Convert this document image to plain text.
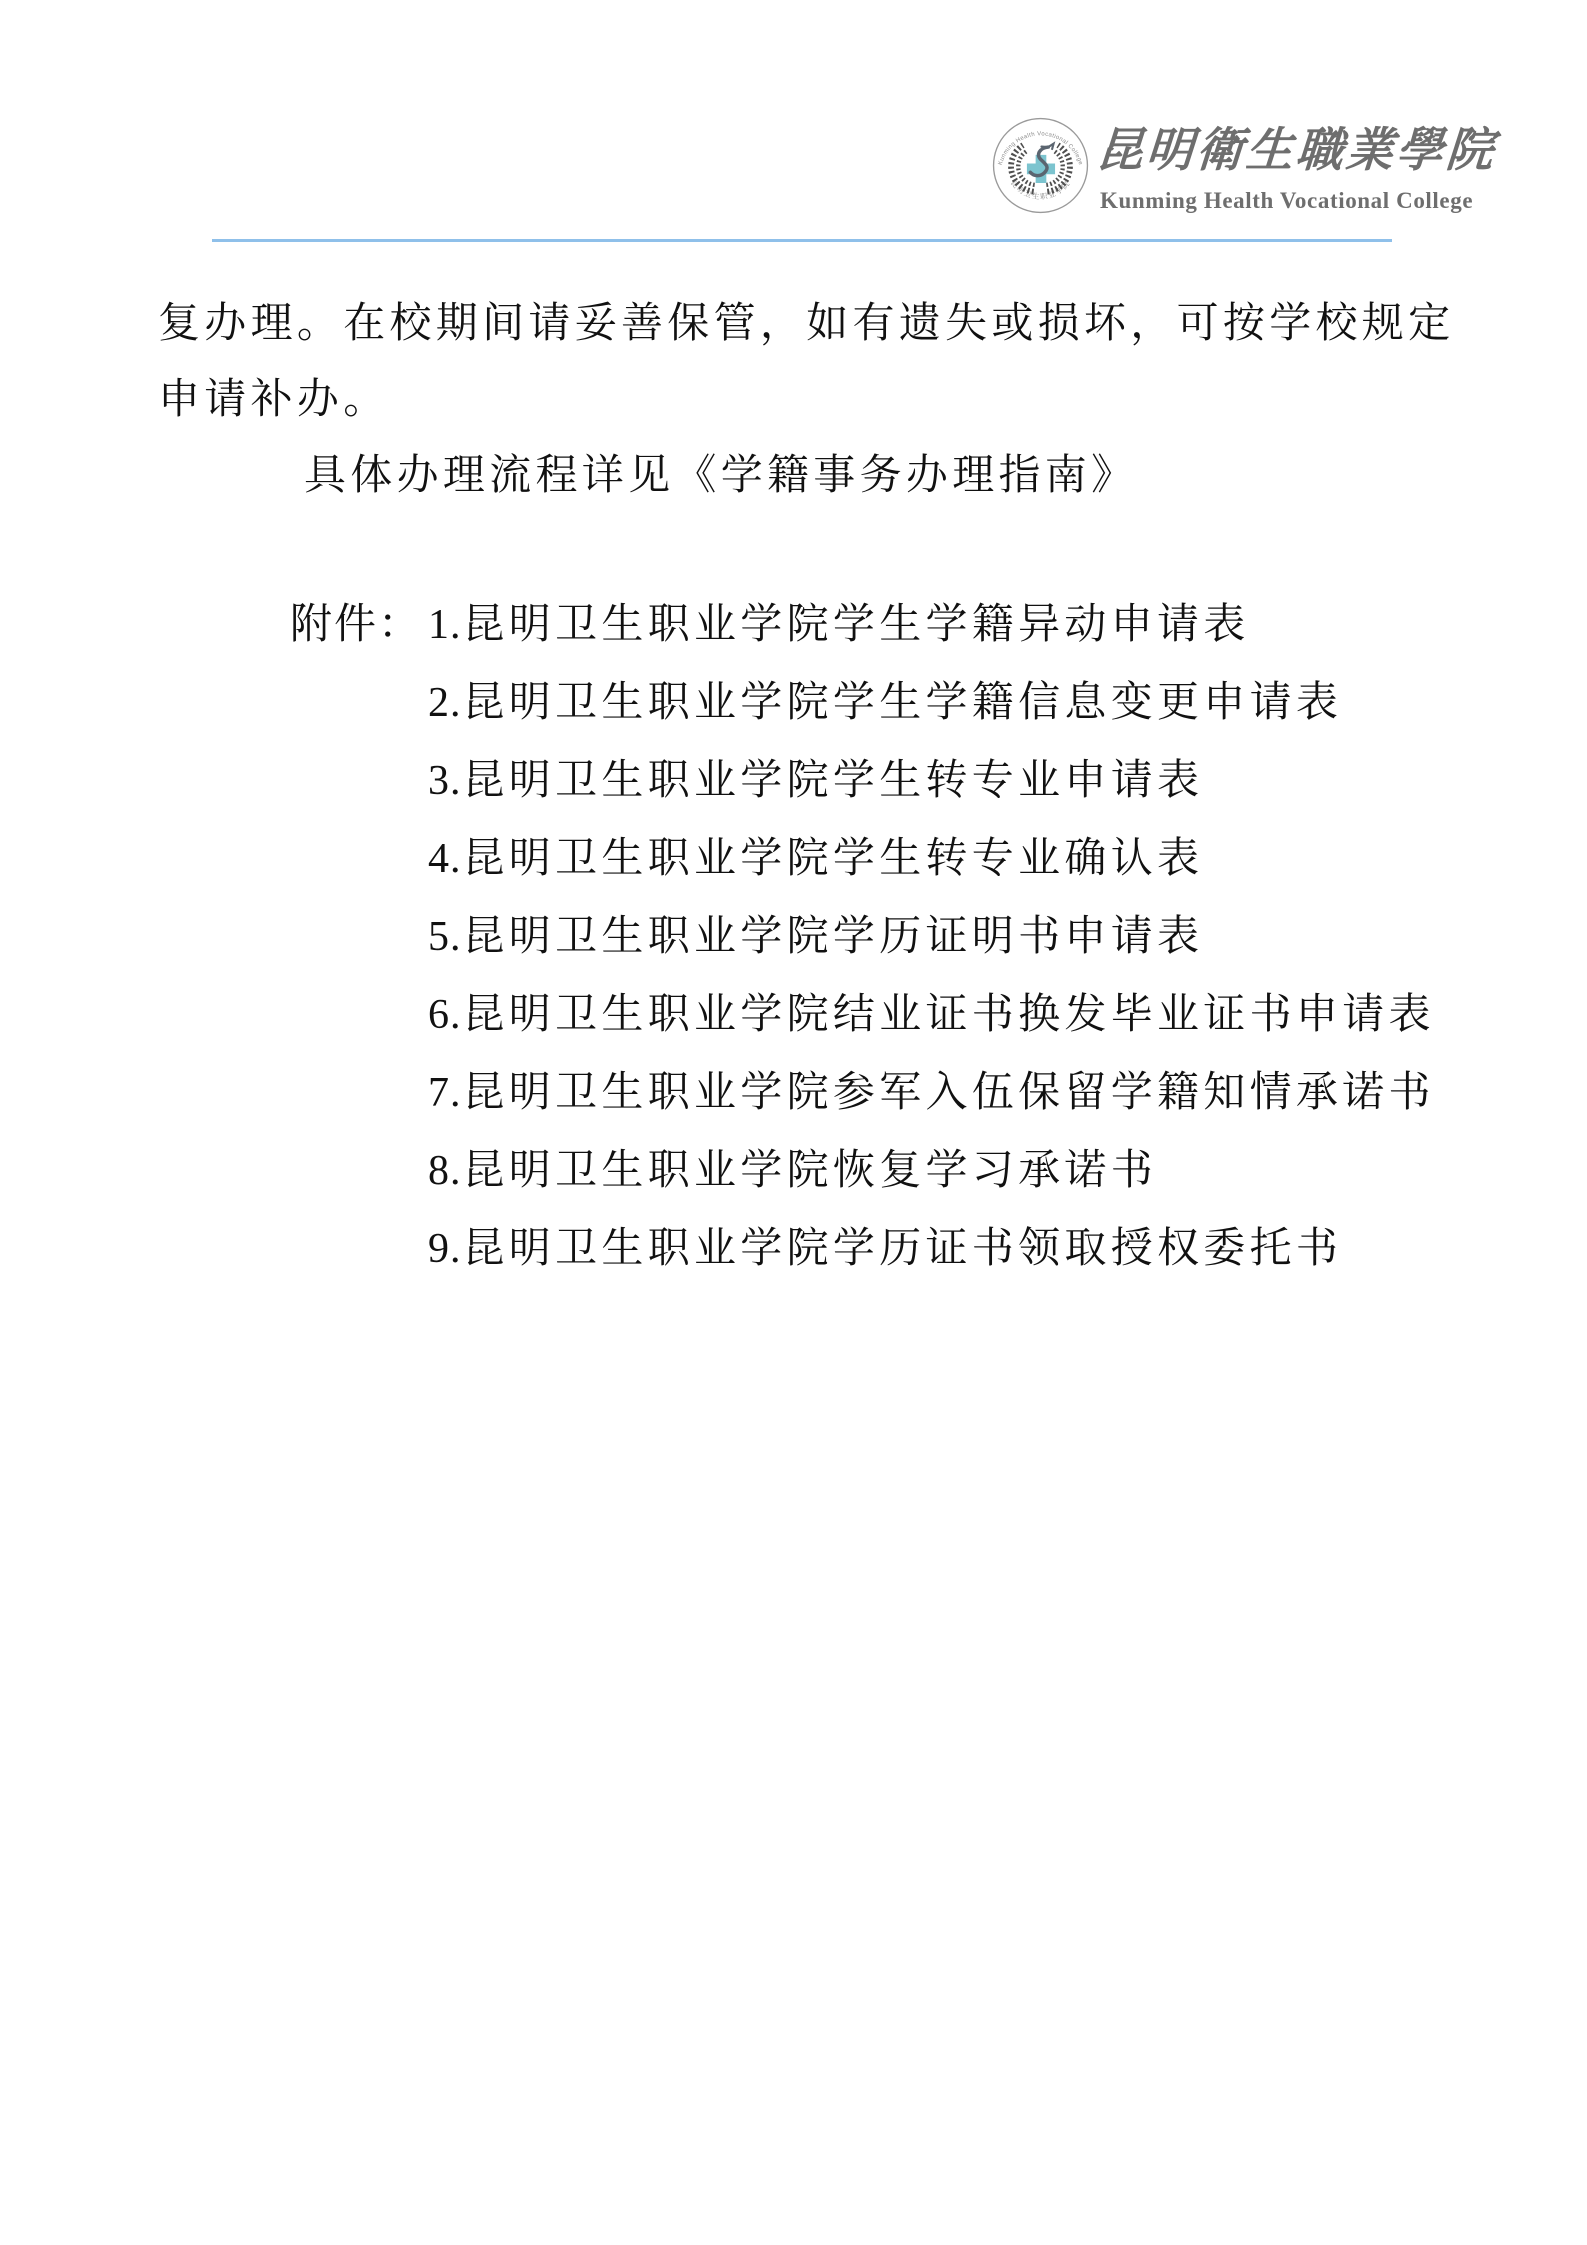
Kunming Health Vocational College
昆明卫生职业学院
昆明衛生職業學院
Kunming Health Vocational College
复办理。在校期间请妥善保管，如有遗失或损坏，可按学校规定
申请补办。
具体办理流程详见《学籍事务办理指南》
附件： 1.昆明卫生职业学院学生学籍异动申请表
2.昆明卫生职业学院学生学籍信息变更申请表
3.昆明卫生职业学院学生转专业申请表
4.昆明卫生职业学院学生转专业确认表
5.昆明卫生职业学院学历证明书申请表
6.昆明卫生职业学院结业证书换发毕业证书申请表
7.昆明卫生职业学院参军入伍保留学籍知情承诺书
8.昆明卫生职业学院恢复学习承诺书
9.昆明卫生职业学院学历证书领取授权委托书
